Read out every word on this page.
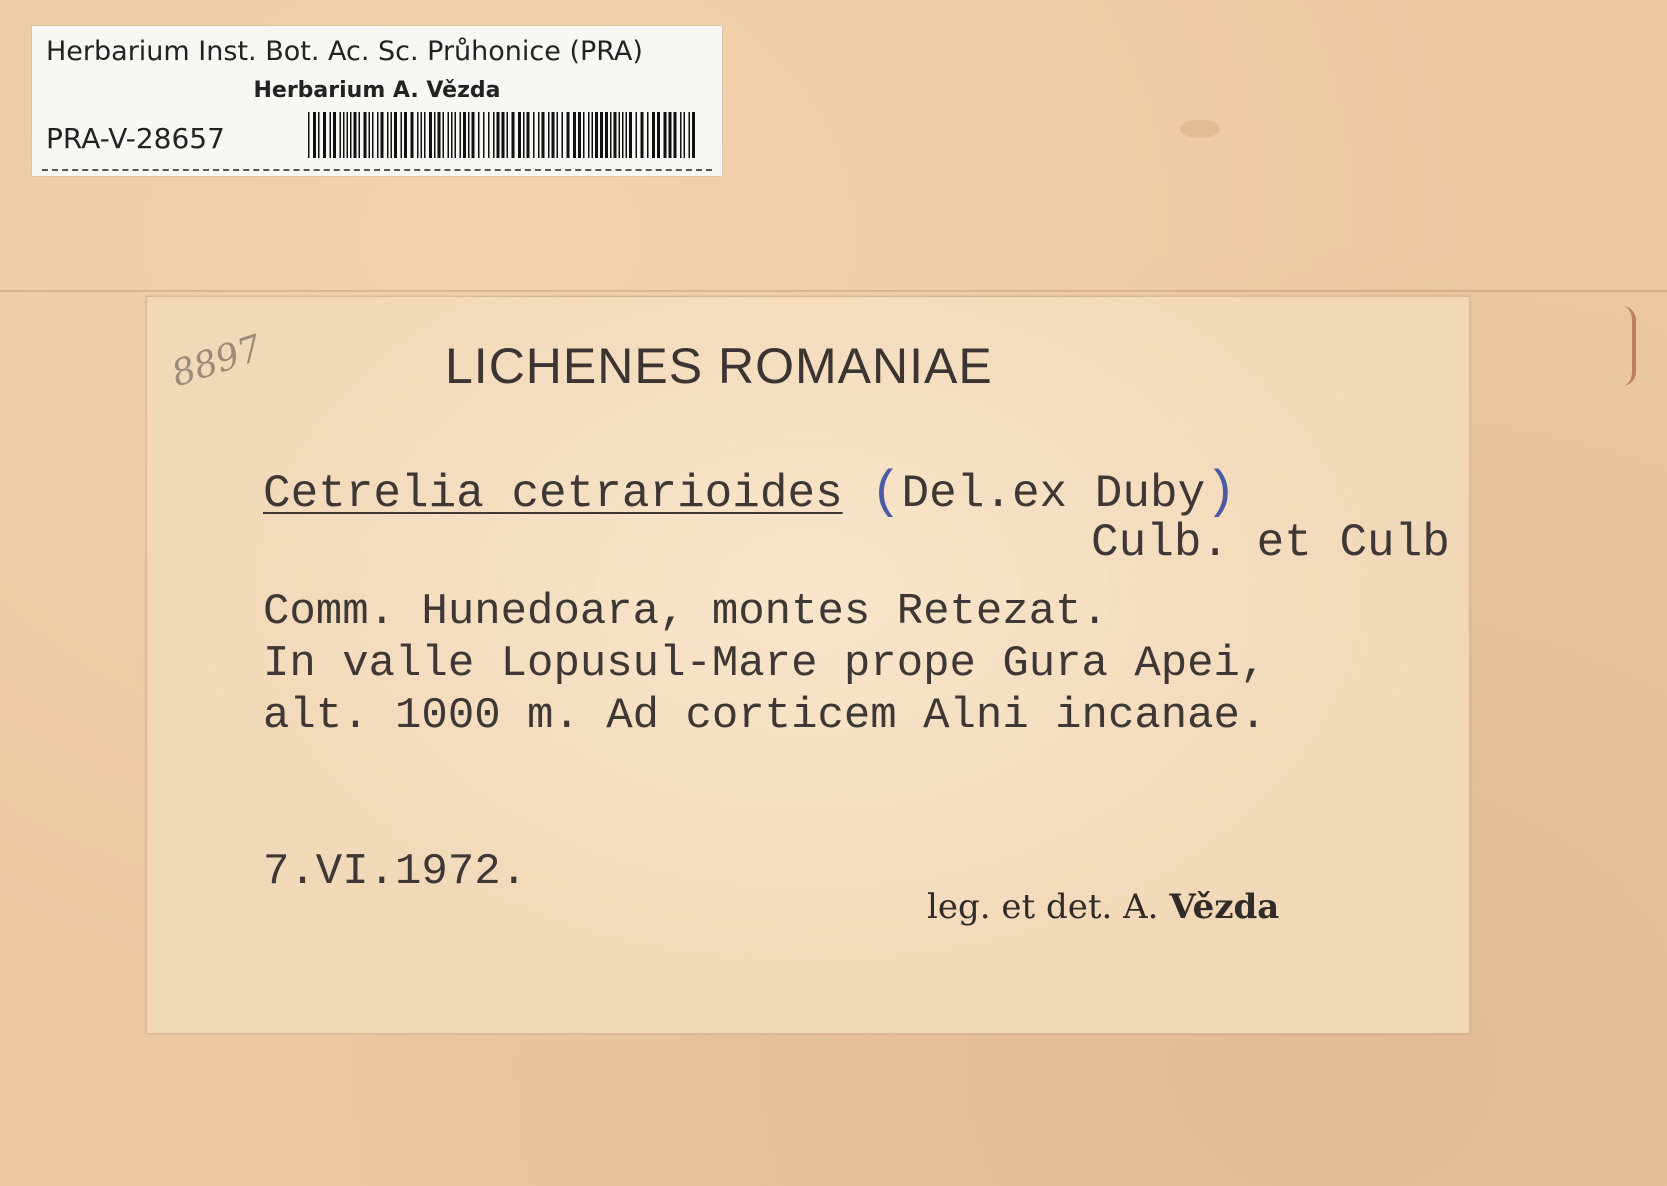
Herbarium Inst. Bot. Ac. Sc. Průhonice (PRA)
Herbarium A. Vězda
PRA-V-28657
8897	LICHENES ROMANIAE
Cetrelia cetrarioides (Del.ex Duby)
Culb. et Culb
Comm. Hunedoara, montes Retezat.
In valle Lopusul-Mare prope Gura Apei,
alt. 1000 m. Ad corticem Alni incanae.
7.VI.1972.
leg. et det. A. Vězda
